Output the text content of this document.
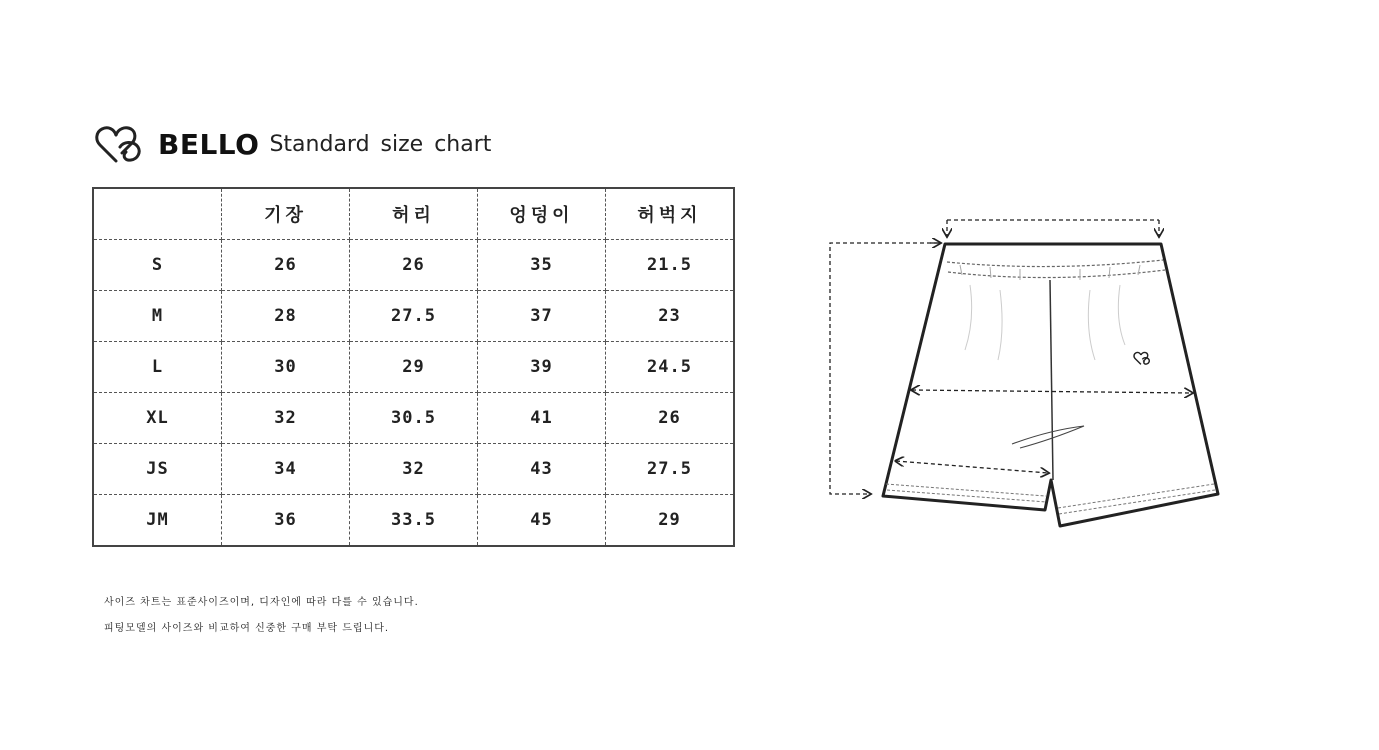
BELLO Standard size chart
	기장	허리	엉덩이	허벅지
S	26	26	35	21.5
M	28	27.5	37	23
L	30	29	39	24.5
XL	32	30.5	41	26
JS	34	32	43	27.5
JM	36	33.5	45	29
사이즈 차트는 표준사이즈이며, 디자인에 따라 다를 수 있습니다.
피팅모델의 사이즈와 비교하여 신중한 구매 부탁 드립니다.
